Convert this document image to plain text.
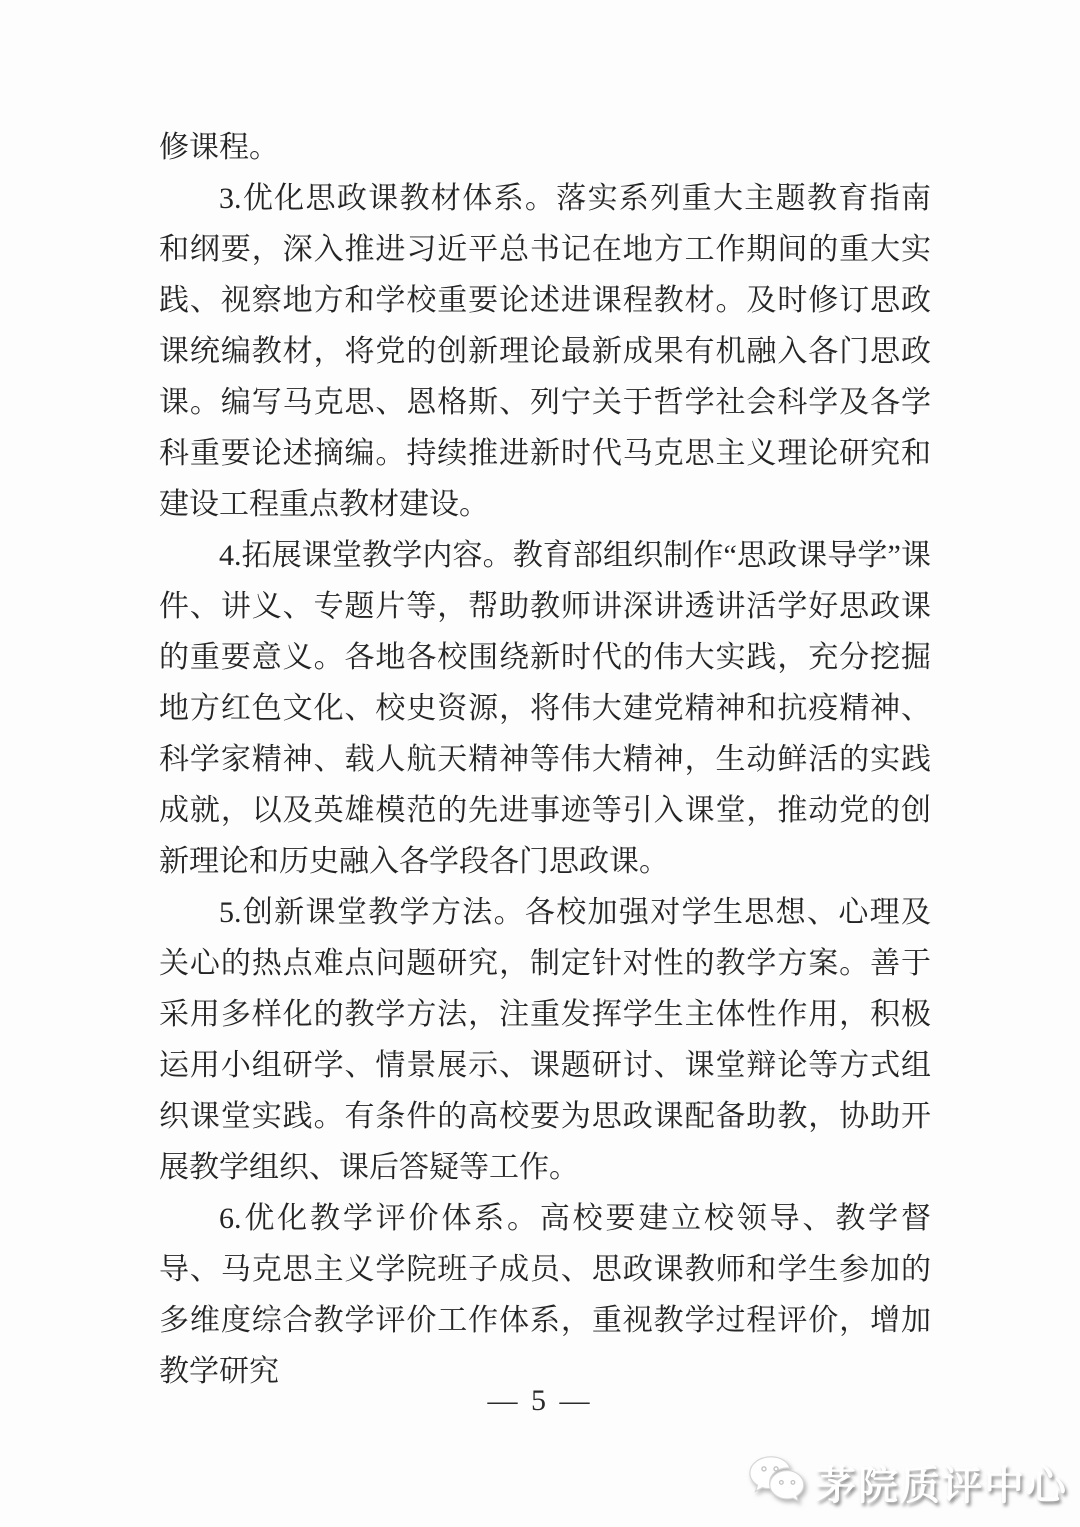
修课程。

3.优化思政课教材体系。落实系列重大主题教育指南和纲要，深入推进习近平总书记在地方工作期间的重大实践、视察地方和学校重要论述进课程教材。及时修订思政课统编教材，将党的创新理论最新成果有机融入各门思政课。编写马克思、恩格斯、列宁关于哲学社会科学及各学科重要论述摘编。持续推进新时代马克思主义理论研究和建设工程重点教材建设。

4.拓展课堂教学内容。教育部组织制作“思政课导学”课件、讲义、专题片等，帮助教师讲深讲透讲活学好思政课的重要意义。各地各校围绕新时代的伟大实践，充分挖掘地方红色文化、校史资源，将伟大建党精神和抗疫精神、科学家精神、载人航天精神等伟大精神，生动鲜活的实践成就，以及英雄模范的先进事迹等引入课堂，推动党的创新理论和历史融入各学段各门思政课。

5.创新课堂教学方法。各校加强对学生思想、心理及关心的热点难点问题研究，制定针对性的教学方案。善于采用多样化的教学方法，注重发挥学生主体性作用，积极运用小组研学、情景展示、课题研讨、课堂辩论等方式组织课堂实践。有条件的高校要为思政课配备助教，协助开展教学组织、课后答疑等工作。

6.优化教学评价体系。高校要建立校领导、教学督导、马克思主义学院班子成员、思政课教师和学生参加的多维度综合教学评价工作体系，重视教学过程评价，增加教学研究

— 5 —
茅院质评中心
